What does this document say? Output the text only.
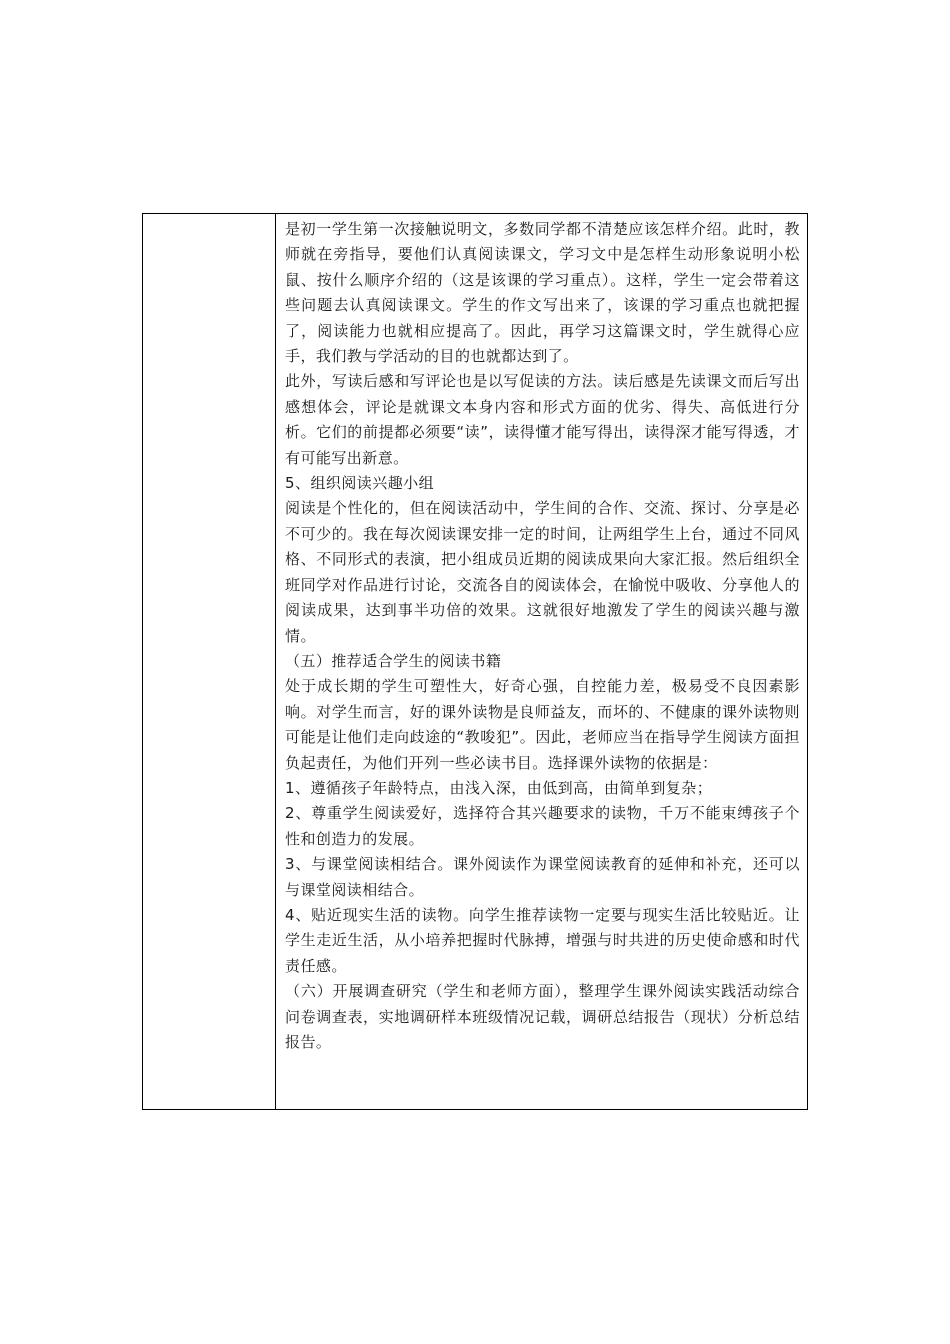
是初一学生第一次接触说明文，多数同学都不清楚应该怎样介绍。此时，教师就在旁指导，要他们认真阅读课文，学习文中是怎样生动形象说明小松鼠、按什么顺序介绍的（这是该课的学习重点）。这样，学生一定会带着这些问题去认真阅读课文。学生的作文写出来了，该课的学习重点也就把握了，阅读能力也就相应提高了。因此，再学习这篇课文时，学生就得心应手，我们教与学活动的目的也就都达到了。

此外，写读后感和写评论也是以写促读的方法。读后感是先读课文而后写出感想体会，评论是就课文本身内容和形式方面的优劣、得失、高低进行分析。它们的前提都必须要“读”，读得懂才能写得出，读得深才能写得透，才有可能写出新意。

5、组织阅读兴趣小组

阅读是个性化的，但在阅读活动中，学生间的合作、交流、探讨、分享是必不可少的。我在每次阅读课安排一定的时间，让两组学生上台，通过不同风格、不同形式的表演，把小组成员近期的阅读成果向大家汇报。然后组织全班同学对作品进行讨论，交流各自的阅读体会，在愉悦中吸收、分享他人的阅读成果，达到事半功倍的效果。这就很好地激发了学生的阅读兴趣与激情。

（五）推荐适合学生的阅读书籍

处于成长期的学生可塑性大，好奇心强，自控能力差，极易受不良因素影响。对学生而言，好的课外读物是良师益友，而坏的、不健康的课外读物则可能是让他们走向歧途的“教唆犯”。因此，老师应当在指导学生阅读方面担负起责任，为他们开列一些必读书目。选择课外读物的依据是：

1、遵循孩子年龄特点，由浅入深，由低到高，由简单到复杂；

2、尊重学生阅读爱好，选择符合其兴趣要求的读物，千万不能束缚孩子个性和创造力的发展。

3、与课堂阅读相结合。课外阅读作为课堂阅读教育的延伸和补充，还可以与课堂阅读相结合。

4、贴近现实生活的读物。向学生推荐读物一定要与现实生活比较贴近。让学生走近生活，从小培养把握时代脉搏，增强与时共进的历史使命感和时代责任感。

（六）开展调查研究（学生和老师方面），整理学生课外阅读实践活动综合问卷调查表，实地调研样本班级情况记载，调研总结报告（现状）分析总结报告。
